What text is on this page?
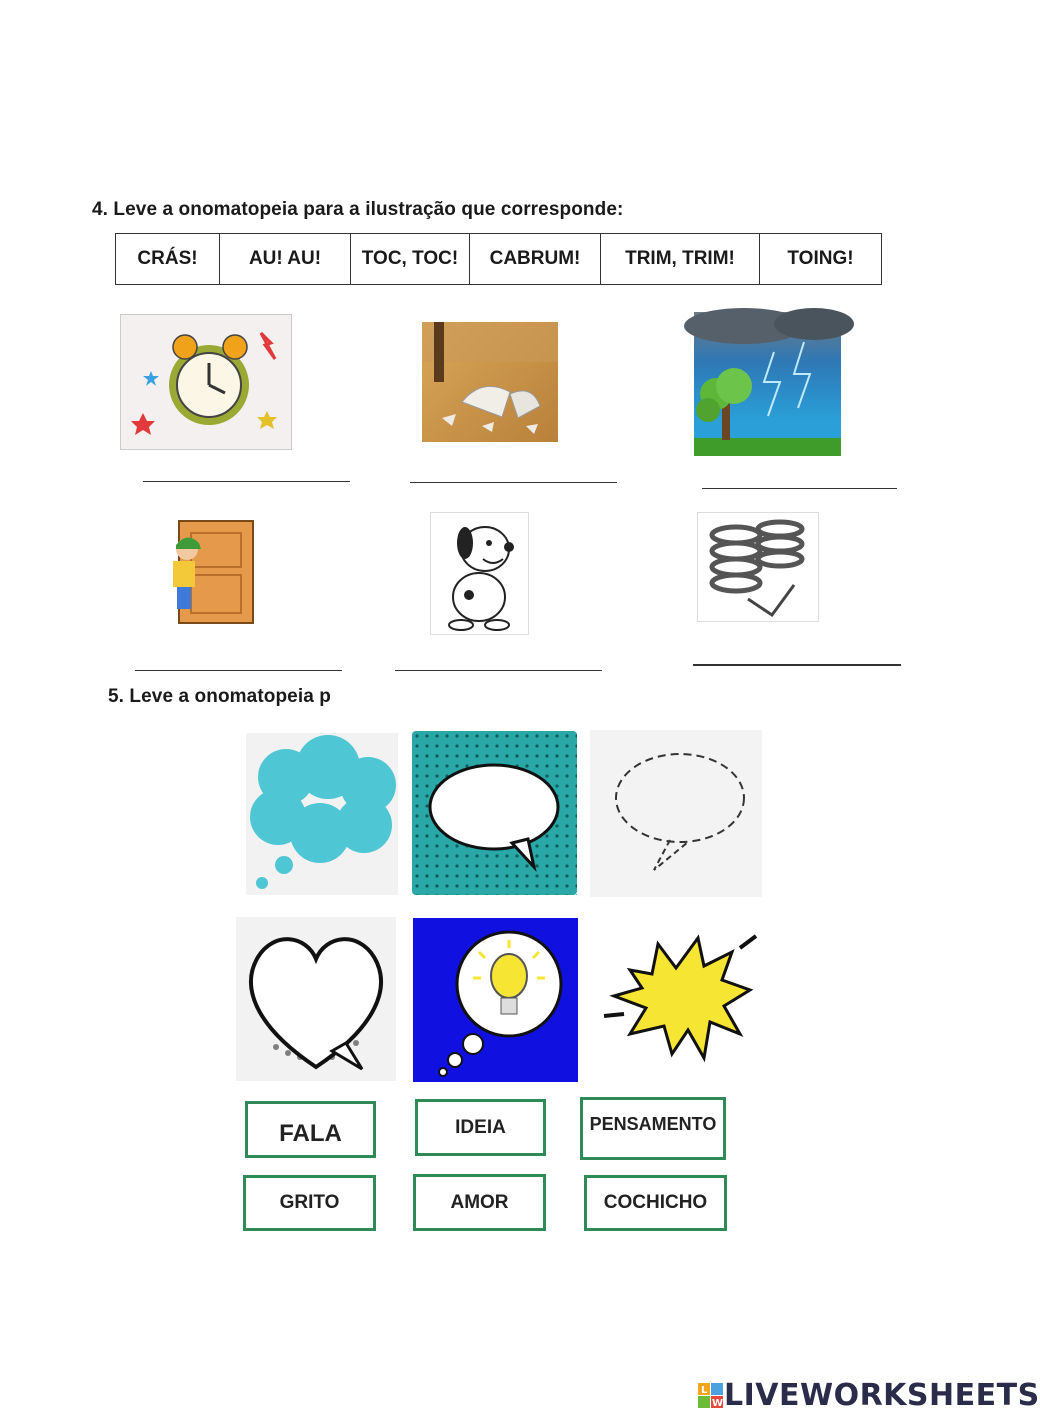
4. Leve a onomatopeia para a ilustração que corresponde:
CRÁS!	AU! AU!	TOC, TOC!	CABRUM!	TRIM, TRIM!	TOING!
5. Leve a onomatopeia p
FALA	IDEIA	PENSAMENTO
GRITO	AMOR	COCHICHO
L
W LIVEWORKSHEETS
